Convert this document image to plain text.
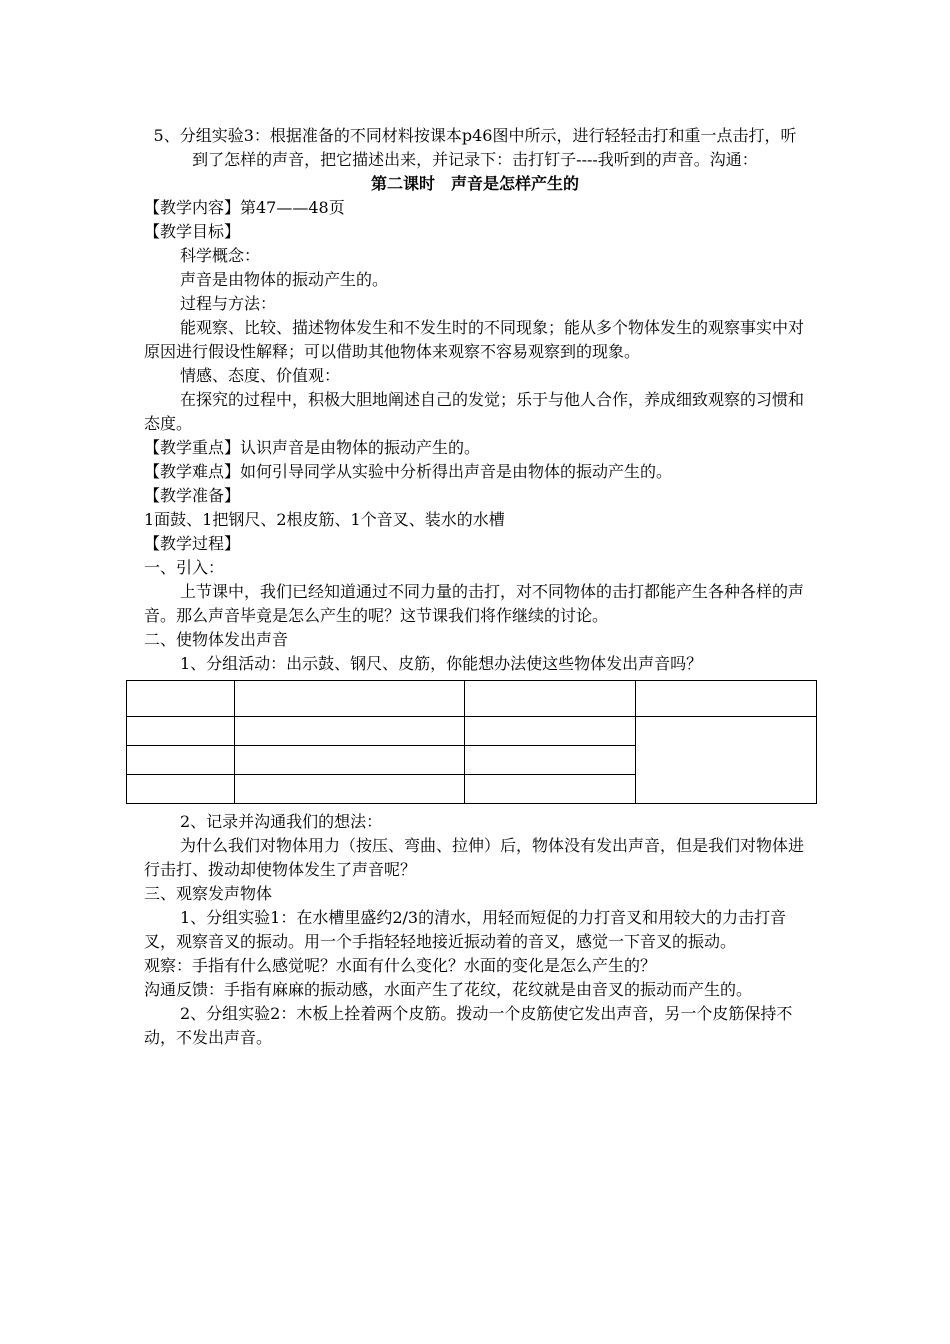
5、分组实验3：根据准备的不同材料按课本p46图中所示，进行轻轻击打和重一点击打，听到了怎样的声音，把它描述出来，并记录下：击打钉子----我听到的声音。沟通：

第二课时　声音是怎样产生的

【教学内容】第47——48页

【教学目标】

科学概念：

声音是由物体的振动产生的。

过程与方法：

能观察、比较、描述物体发生和不发生时的不同现象；能从多个物体发生的观察事实中对原因进行假设性解释；可以借助其他物体来观察不容易观察到的现象。

情感、态度、价值观：

在探究的过程中，积极大胆地阐述自己的发觉；乐于与他人合作，养成细致观察的习惯和态度。

【教学重点】认识声音是由物体的振动产生的。

【教学难点】如何引导同学从实验中分析得出声音是由物体的振动产生的。

【教学准备】

1面鼓、1把钢尺、2根皮筋、1个音叉、装水的水槽

【教学过程】

一、引入：

上节课中，我们已经知道通过不同力量的击打，对不同物体的击打都能产生各种各样的声音。那么声音毕竟是怎么产生的呢？这节课我们将作继续的讨论。

二、使物体发出声音

1、分组活动：出示鼓、钢尺、皮筋，你能想办法使这些物体发出声音吗？

2、记录并沟通我们的想法：

为什么我们对物体用力（按压、弯曲、拉伸）后，物体没有发出声音，但是我们对物体进行击打、拨动却使物体发生了声音呢？

三、观察发声物体

1、分组实验1：在水槽里盛约2/3的清水，用轻而短促的力打音叉和用较大的力击打音叉，观察音叉的振动。用一个手指轻轻地接近振动着的音叉，感觉一下音叉的振动。

观察：手指有什么感觉呢？水面有什么变化？水面的变化是怎么产生的？

沟通反馈：手指有麻麻的振动感，水面产生了花纹，花纹就是由音叉的振动而产生的。

2、分组实验2：木板上拴着两个皮筋。拨动一个皮筋使它发出声音，另一个皮筋保持不动，不发出声音。
